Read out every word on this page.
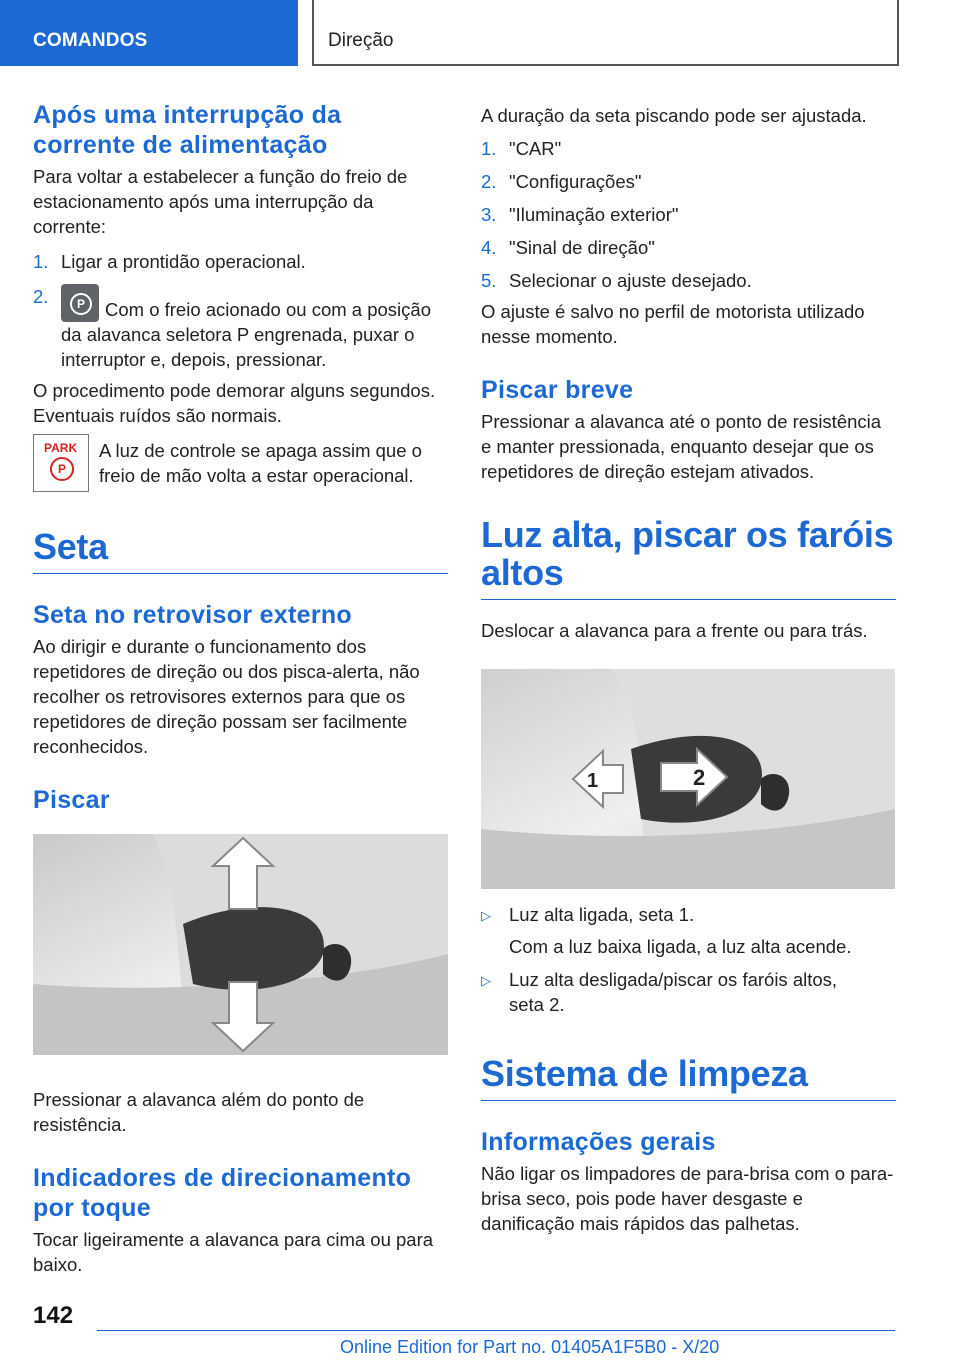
COMANDOS	Direção
Após uma interrupção da corrente de alimentação

Para voltar a estabelecer a função do freio de estacionamento após uma interrupção da corrente:

1. Ligar a prontidão operacional.
2.	P	Com o freio acionado ou com a posição da alavanca seletora P engrenada, puxar o interruptor e, depois, pressionar.

O procedimento pode demorar alguns segundos. Eventuais ruídos são normais.

A luz de controle se apaga assim que o freio de mão volta a estar operacional.

Seta
Seta no retrovisor externo

Ao dirigir e durante o funcionamento dos repetidores de direção ou dos pisca-alerta, não recolher os retrovisores externos para que os repetidores de direção possam ser facilmente reconhecidos.

Piscar

Pressionar a alavanca além do ponto de resistência.

Indicadores de direcionamento por toque

Tocar ligeiramente a alavanca para cima ou para baixo.

PARK
P

A duração da seta piscando pode ser ajustada.

1. "CAR"
2. "Configurações"
3. "Iluminação exterior"
4. "Sinal de direção"
5. Selecionar o ajuste desejado.

O ajuste é salvo no perfil de motorista utilizado nesse momento.

Piscar breve

Pressionar a alavanca até o ponto de resistência e manter pressionada, enquanto desejar que os repetidores de direção estejam ativados.

Luz alta, piscar os faróis altos

Deslocar a alavanca para a frente ou para trás.

1	2
▷ Luz alta ligada, seta 1.
Com a luz baixa ligada, a luz alta acende.
▷ Luz alta desligada/piscar os faróis altos, seta 2.
Sistema de limpeza
Informações gerais

Não ligar os limpadores de para-brisa com o para-brisa seco, pois pode haver desgaste e danificação mais rápidos das palhetas.

142
Online Edition for Part no. 01405A1F5B0 - X/20
